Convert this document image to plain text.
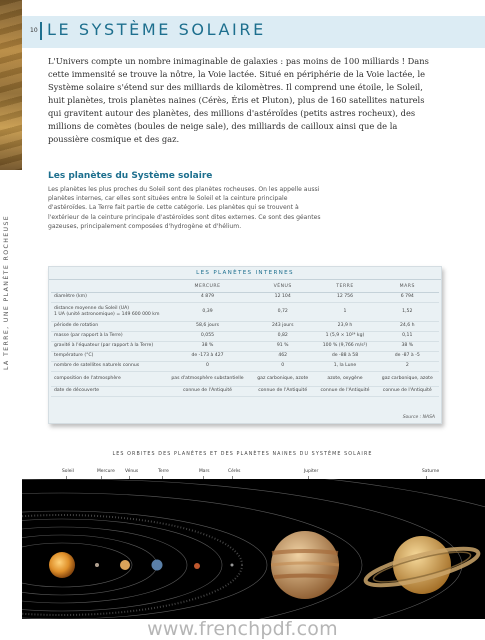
LA TERRE, UNE PLANÈTE ROCHEUSE
10 LE SYSTÈME SOLAIRE

L'Univers compte un nombre inimaginable de galaxies : pas moins de 100 milliards ! Dans cette immensité se trouve la nôtre, la Voie lactée. Situé en périphérie de la Voie lactée, le Système solaire s'étend sur des milliards de kilomètres. Il comprend une étoile, le Soleil, huit planètes, trois planètes naines (Cérès, Éris et Pluton), plus de 160 satellites naturels qui gravitent autour des planètes, des millions d'astéroïdes (petits astres rocheux), des millions de comètes (boules de neige sale), des milliards de cailloux ainsi que de la poussière cosmique et des gaz.

Les planètes du Système solaire

Les planètes les plus proches du Soleil sont des planètes rocheuses. On les appelle aussi planètes internes, car elles sont situées entre le Soleil et la ceinture principale d'astéroïdes. La Terre fait partie de cette catégorie. Les planètes qui se trouvent à l'extérieur de la ceinture principale d'astéroïdes sont dites externes. Ce sont des géantes gazeuses, principalement composées d'hydrogène et d'hélium.

LES PLANÈTES INTERNES
	MERCURE	VÉNUS	TERRE	MARS
diamètre (km)	4 879	12 104	12 756	6 794
distance moyenne du Soleil (UA)
1 UA (unité astronomique) = 149 600 000 km	0,39	0,72	1	1,52
période de rotation	58,6 jours	243 jours	23,9 h	24,6 h
masse (par rapport à la Terre)	0,055	0,82	1 (5,9 × 10²⁴ kg)	0,11
gravité à l'équateur (par rapport à la Terre)	38 %	91 %	100 % (9,766 m/s²)	38 %
température (°C)	de -173 à 427	462	de -88 à 58	de -87 à -5
nombre de satellites naturels connus	0	0	1, la Lune	2
composition de l'atmosphère	pas d'atmosphère substantielle	gaz carbonique, azote	azote, oxygène	gaz carbonique, azote
date de découverte	connue de l'Antiquité	connue de l'Antiquité	connue de l'Antiquité	connue de l'Antiquité
Source : NASA
LES ORBITES DES PLANÈTES ET DES PLANÈTES NAINES DU SYSTÈME SOLAIRE
Soleil	Mercure Vénus	Terre	Mars	Cérès	Jupiter	Saturne
www.frenchpdf.com
